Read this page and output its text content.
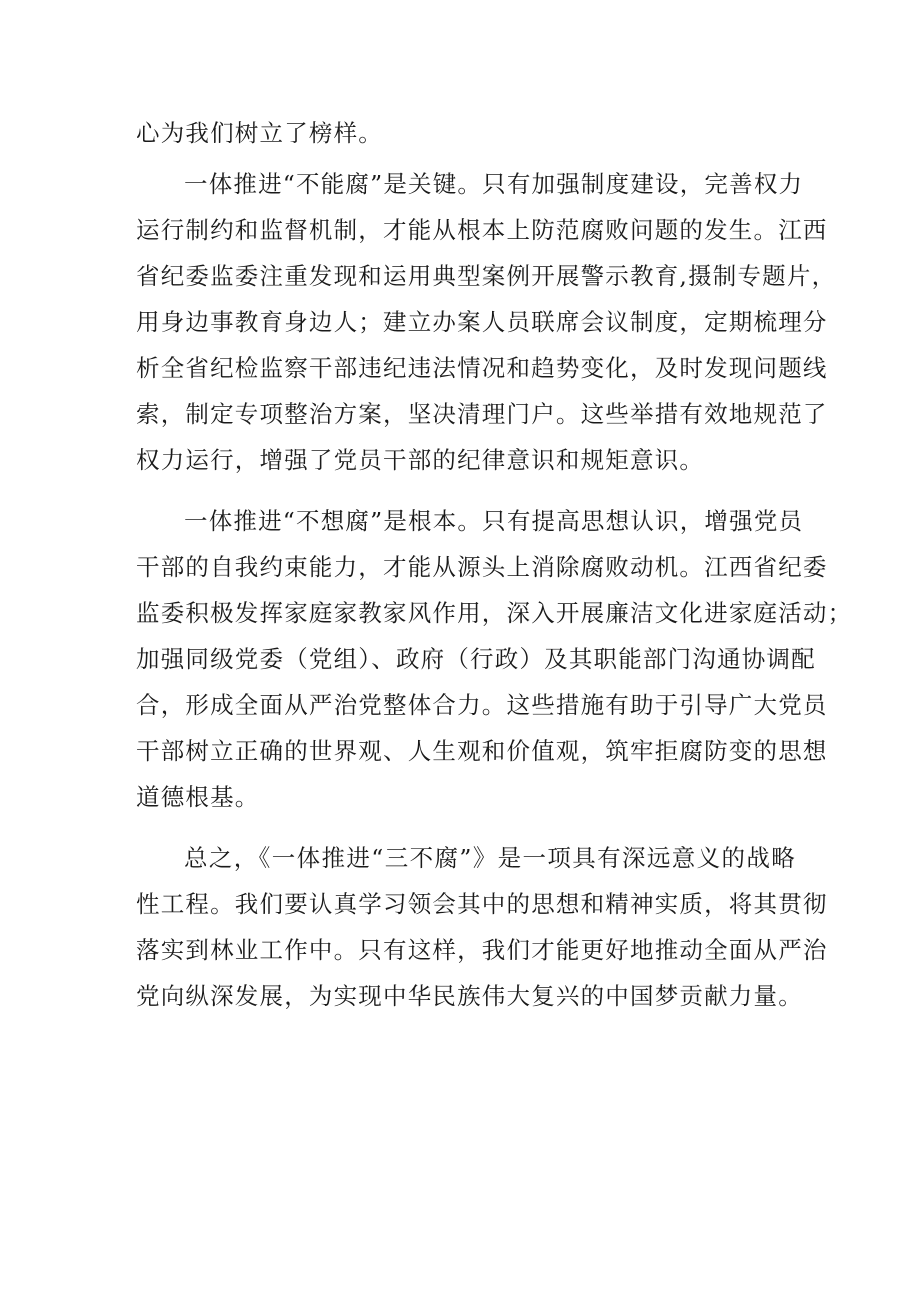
心为我们树立了榜样。
一体推进“不能腐”是关键。只有加强制度建设，完善权力
运行制约和监督机制，才能从根本上防范腐败问题的发生。江西
省纪委监委注重发现和运用典型案例开展警示教育,摄制专题片，
用身边事教育身边人；建立办案人员联席会议制度，定期梳理分
析全省纪检监察干部违纪违法情况和趋势变化，及时发现问题线
索，制定专项整治方案，坚决清理门户。这些举措有效地规范了
权力运行，增强了党员干部的纪律意识和规矩意识。
一体推进“不想腐”是根本。只有提高思想认识，增强党员
干部的自我约束能力，才能从源头上消除腐败动机。江西省纪委
监委积极发挥家庭家教家风作用，深入开展廉洁文化进家庭活动；
加强同级党委（党组）、政府（行政）及其职能部门沟通协调配
合，形成全面从严治党整体合力。这些措施有助于引导广大党员
干部树立正确的世界观、人生观和价值观，筑牢拒腐防变的思想
道德根基。
总之，《一体推进“三不腐”》是一项具有深远意义的战略
性工程。我们要认真学习领会其中的思想和精神实质，将其贯彻
落实到林业工作中。只有这样，我们才能更好地推动全面从严治
党向纵深发展，为实现中华民族伟大复兴的中国梦贡献力量。
